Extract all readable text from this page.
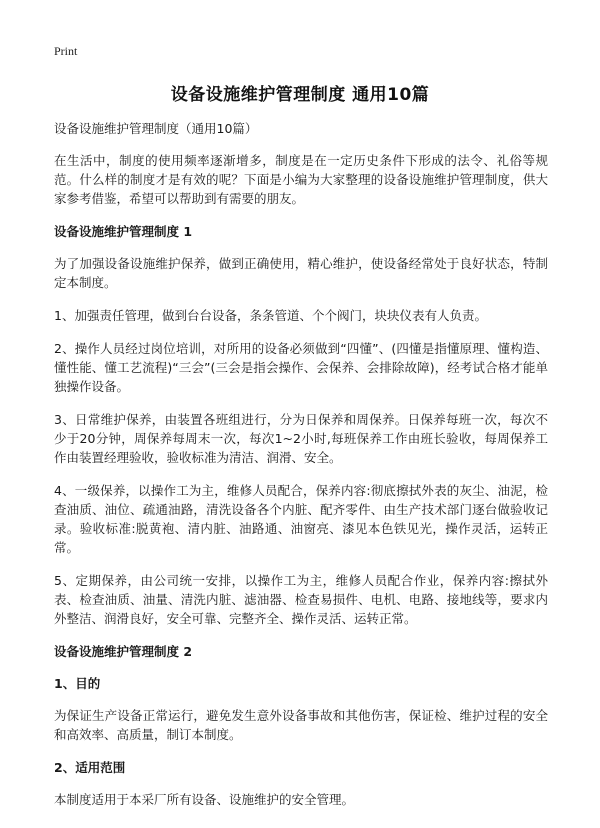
Print
设备设施维护管理制度 通用10篇
设备设施维护管理制度（通用10篇）
在生活中，制度的使用频率逐渐增多，制度是在一定历史条件下形成的法令、礼俗等规范。什么样的制度才是有效的呢？下面是小编为大家整理的设备设施维护管理制度，供大家参考借鉴，希望可以帮助到有需要的朋友。
设备设施维护管理制度 1
为了加强设备设施维护保养，做到正确使用，精心维护，使设备经常处于良好状态，特制定本制度。
1、加强责任管理，做到台台设备，条条管道、个个阀门，块块仪表有人负责。
2、操作人员经过岗位培训，对所用的设备必须做到“四懂”、(四懂是指懂原理、懂构造、懂性能、懂工艺流程)“三会”(三会是指会操作、会保养、会排除故障)，经考试合格才能单独操作设备。
3、日常维护保养，由装置各班组进行，分为日保养和周保养。日保养每班一次，每次不少于20分钟，周保养每周末一次，每次1~2小时,每班保养工作由班长验收，每周保养工作由装置经理验收，验收标准为清洁、润滑、安全。
4、一级保养，以操作工为主，维修人员配合，保养内容:彻底擦拭外表的灰尘、油泥，检查油质、油位、疏通油路，清洗设备各个内脏、配齐零件、由生产技术部门逐台做验收记录。验收标准:脱黄袍、清内脏、油路通、油窗亮、漆见本色铁见光，操作灵活，运转正常。
5、定期保养，由公司统一安排，以操作工为主，维修人员配合作业，保养内容:擦拭外表、检查油质、油量、清洗内脏、滤油器、检查易损件、电机、电路、接地线等，要求内外整洁、润滑良好，安全可靠、完整齐全、操作灵活、运转正常。
设备设施维护管理制度 2
1、目的
为保证生产设备正常运行，避免发生意外设备事故和其他伤害，保证检、维护过程的安全和高效率、高质量，制订本制度。
2、适用范围
本制度适用于本采厂所有设备、设施维护的安全管理。
